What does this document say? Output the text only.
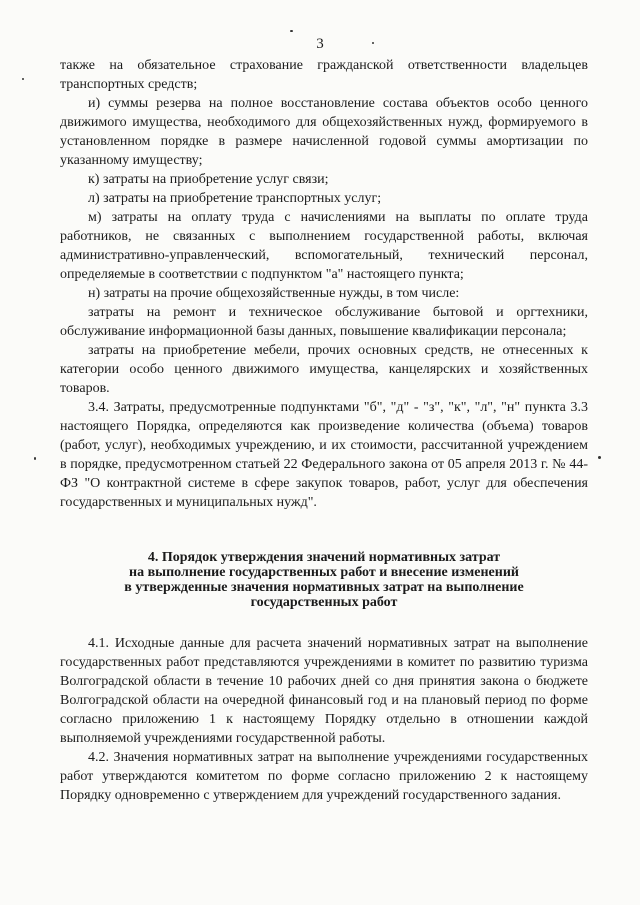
3

также на обязательное страхование гражданской ответственности владельцев транспортных средств;

и) суммы резерва на полное восстановление состава объектов особо ценного движимого имущества, необходимого для общехозяйственных нужд, формируемого в установленном порядке в размере начисленной годовой суммы амортизации по указанному имуществу;

к) затраты на приобретение услуг связи;

л) затраты на приобретение транспортных услуг;

м) затраты на оплату труда с начислениями на выплаты по оплате труда работников, не связанных с выполнением государственной работы, включая административно-управленческий, вспомогательный, технический персонал, определяемые в соответствии с подпунктом "а" настоящего пункта;

н) затраты на прочие общехозяйственные нужды, в том числе:

затраты на ремонт и техническое обслуживание бытовой и оргтехники, обслуживание информационной базы данных, повышение квалификации персонала;

затраты на приобретение мебели, прочих основных средств, не отнесенных к категории особо ценного движимого имущества, канцелярских и хозяйственных товаров.

3.4. Затраты, предусмотренные подпунктами "б", "д" - "з", "к", "л", "н" пункта 3.3 настоящего Порядка, определяются как произведение количества (объема) товаров (работ, услуг), необходимых учреждению, и их стоимости, рассчитанной учреждением в порядке, предусмотренном статьей 22 Федерального закона от 05 апреля 2013 г. № 44-ФЗ "О контрактной системе в сфере закупок товаров, работ, услуг для обеспечения государственных и муниципальных нужд".

4. Порядок утверждения значений нормативных затрат
на выполнение государственных работ и внесение изменений
в утвержденные значения нормативных затрат на выполнение
государственных работ

4.1. Исходные данные для расчета значений нормативных затрат на выполнение государственных работ представляются учреждениями в комитет по развитию туризма Волгоградской области в течение 10 рабочих дней со дня принятия закона о бюджете Волгоградской области на очередной финансовый год и на плановый период по форме согласно приложению 1 к настоящему Порядку отдельно в отношении каждой выполняемой учреждениями государственной работы.

4.2. Значения нормативных затрат на выполнение учреждениями государственных работ утверждаются комитетом по форме согласно приложению 2 к настоящему Порядку одновременно с утверждением для учреждений государственного задания.
